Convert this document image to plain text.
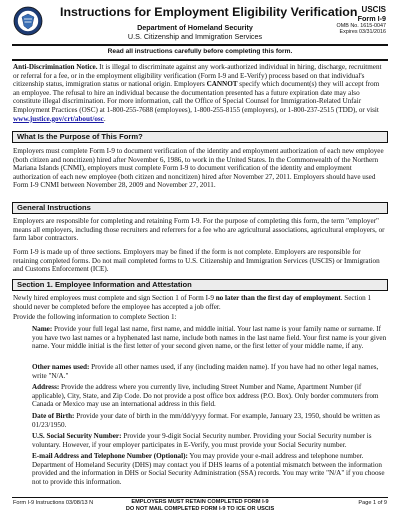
Instructions for Employment Eligibility Verification
Department of Homeland Security
U.S. Citizenship and Immigration Services
USCIS
Form I-9
OMB No. 1615-0047
Expires 03/31/2016
Read all instructions carefully before completing this form.

Anti-Discrimination Notice. It is illegal to discriminate against any work-authorized individual in hiring, discharge, recruitment or referral for a fee, or in the employment eligibility verification (Form I-9 and E-Verify) process based on that individual's citizenship status, immigration status or national origin. Employers CANNOT specify which document(s) they will accept from an employee. The refusal to hire an individual because the documentation presented has a future expiration date may also constitute illegal discrimination. For more information, call the Office of Special Counsel for Immigration-Related Unfair Employment Practices (OSC) at 1-800-255-7688 (employees), 1-800-255-8155 (employers), or 1-800-237-2515 (TDD), or visit www.justice.gov/crt/about/osc.

What Is the Purpose of This Form?

Employers must complete Form I-9 to document verification of the identity and employment authorization of each new employee (both citizen and noncitizen) hired after November 6, 1986, to work in the United States. In the Commonwealth of the Northern Mariana Islands (CNMI), employers must complete Form I-9 to document verification of the identity and employment authorization of each new employee (both citizen and noncitizen) hired after November 27, 2011. Employers should have used Form I-9 CNMI between November 28, 2009 and November 27, 2011.

General Instructions

Employers are responsible for completing and retaining Form I-9. For the purpose of completing this form, the term "employer" means all employers, including those recruiters and referrers for a fee who are agricultural associations, agricultural employers, or farm labor contractors.

Form I-9 is made up of three sections. Employers may be fined if the form is not complete. Employers are responsible for retaining completed forms. Do not mail completed forms to U.S. Citizenship and Immigration Services (USCIS) or Immigration and Customs Enforcement (ICE).

Section 1. Employee Information and Attestation

Newly hired employees must complete and sign Section 1 of Form I-9 no later than the first day of employment. Section 1 should never be completed before the employee has accepted a job offer.

Provide the following information to complete Section 1:

Name: Provide your full legal last name, first name, and middle initial. Your last name is your family name or surname. If you have two last names or a hyphenated last name, include both names in the last name field. Your first name is your given name. Your middle initial is the first letter of your second given name, or the first letter of your middle name, if any.

Other names used: Provide all other names used, if any (including maiden name). If you have had no other legal names, write "N/A."

Address: Provide the address where you currently live, including Street Number and Name, Apartment Number (if applicable), City, State, and Zip Code. Do not provide a post office box address (P.O. Box). Only border commuters from Canada or Mexico may use an international address in this field.

Date of Birth: Provide your date of birth in the mm/dd/yyyy format. For example, January 23, 1950, should be written as 01/23/1950.

U.S. Social Security Number: Provide your 9-digit Social Security number. Providing your Social Security number is voluntary. However, if your employer participates in E-Verify, you must provide your Social Security number.

E-mail Address and Telephone Number (Optional): You may provide your e-mail address and telephone number. Department of Homeland Security (DHS) may contact you if DHS learns of a potential mismatch between the information provided and the information in DHS or Social Security Administration (SSA) records. You may write "N/A" if you choose not to provide this information.

Form I-9 Instructions 03/08/13 N	EMPLOYERS MUST RETAIN COMPLETED FORM I-9
DO NOT MAIL COMPLETED FORM I-9 TO ICE OR USCIS
Page 1 of 9
